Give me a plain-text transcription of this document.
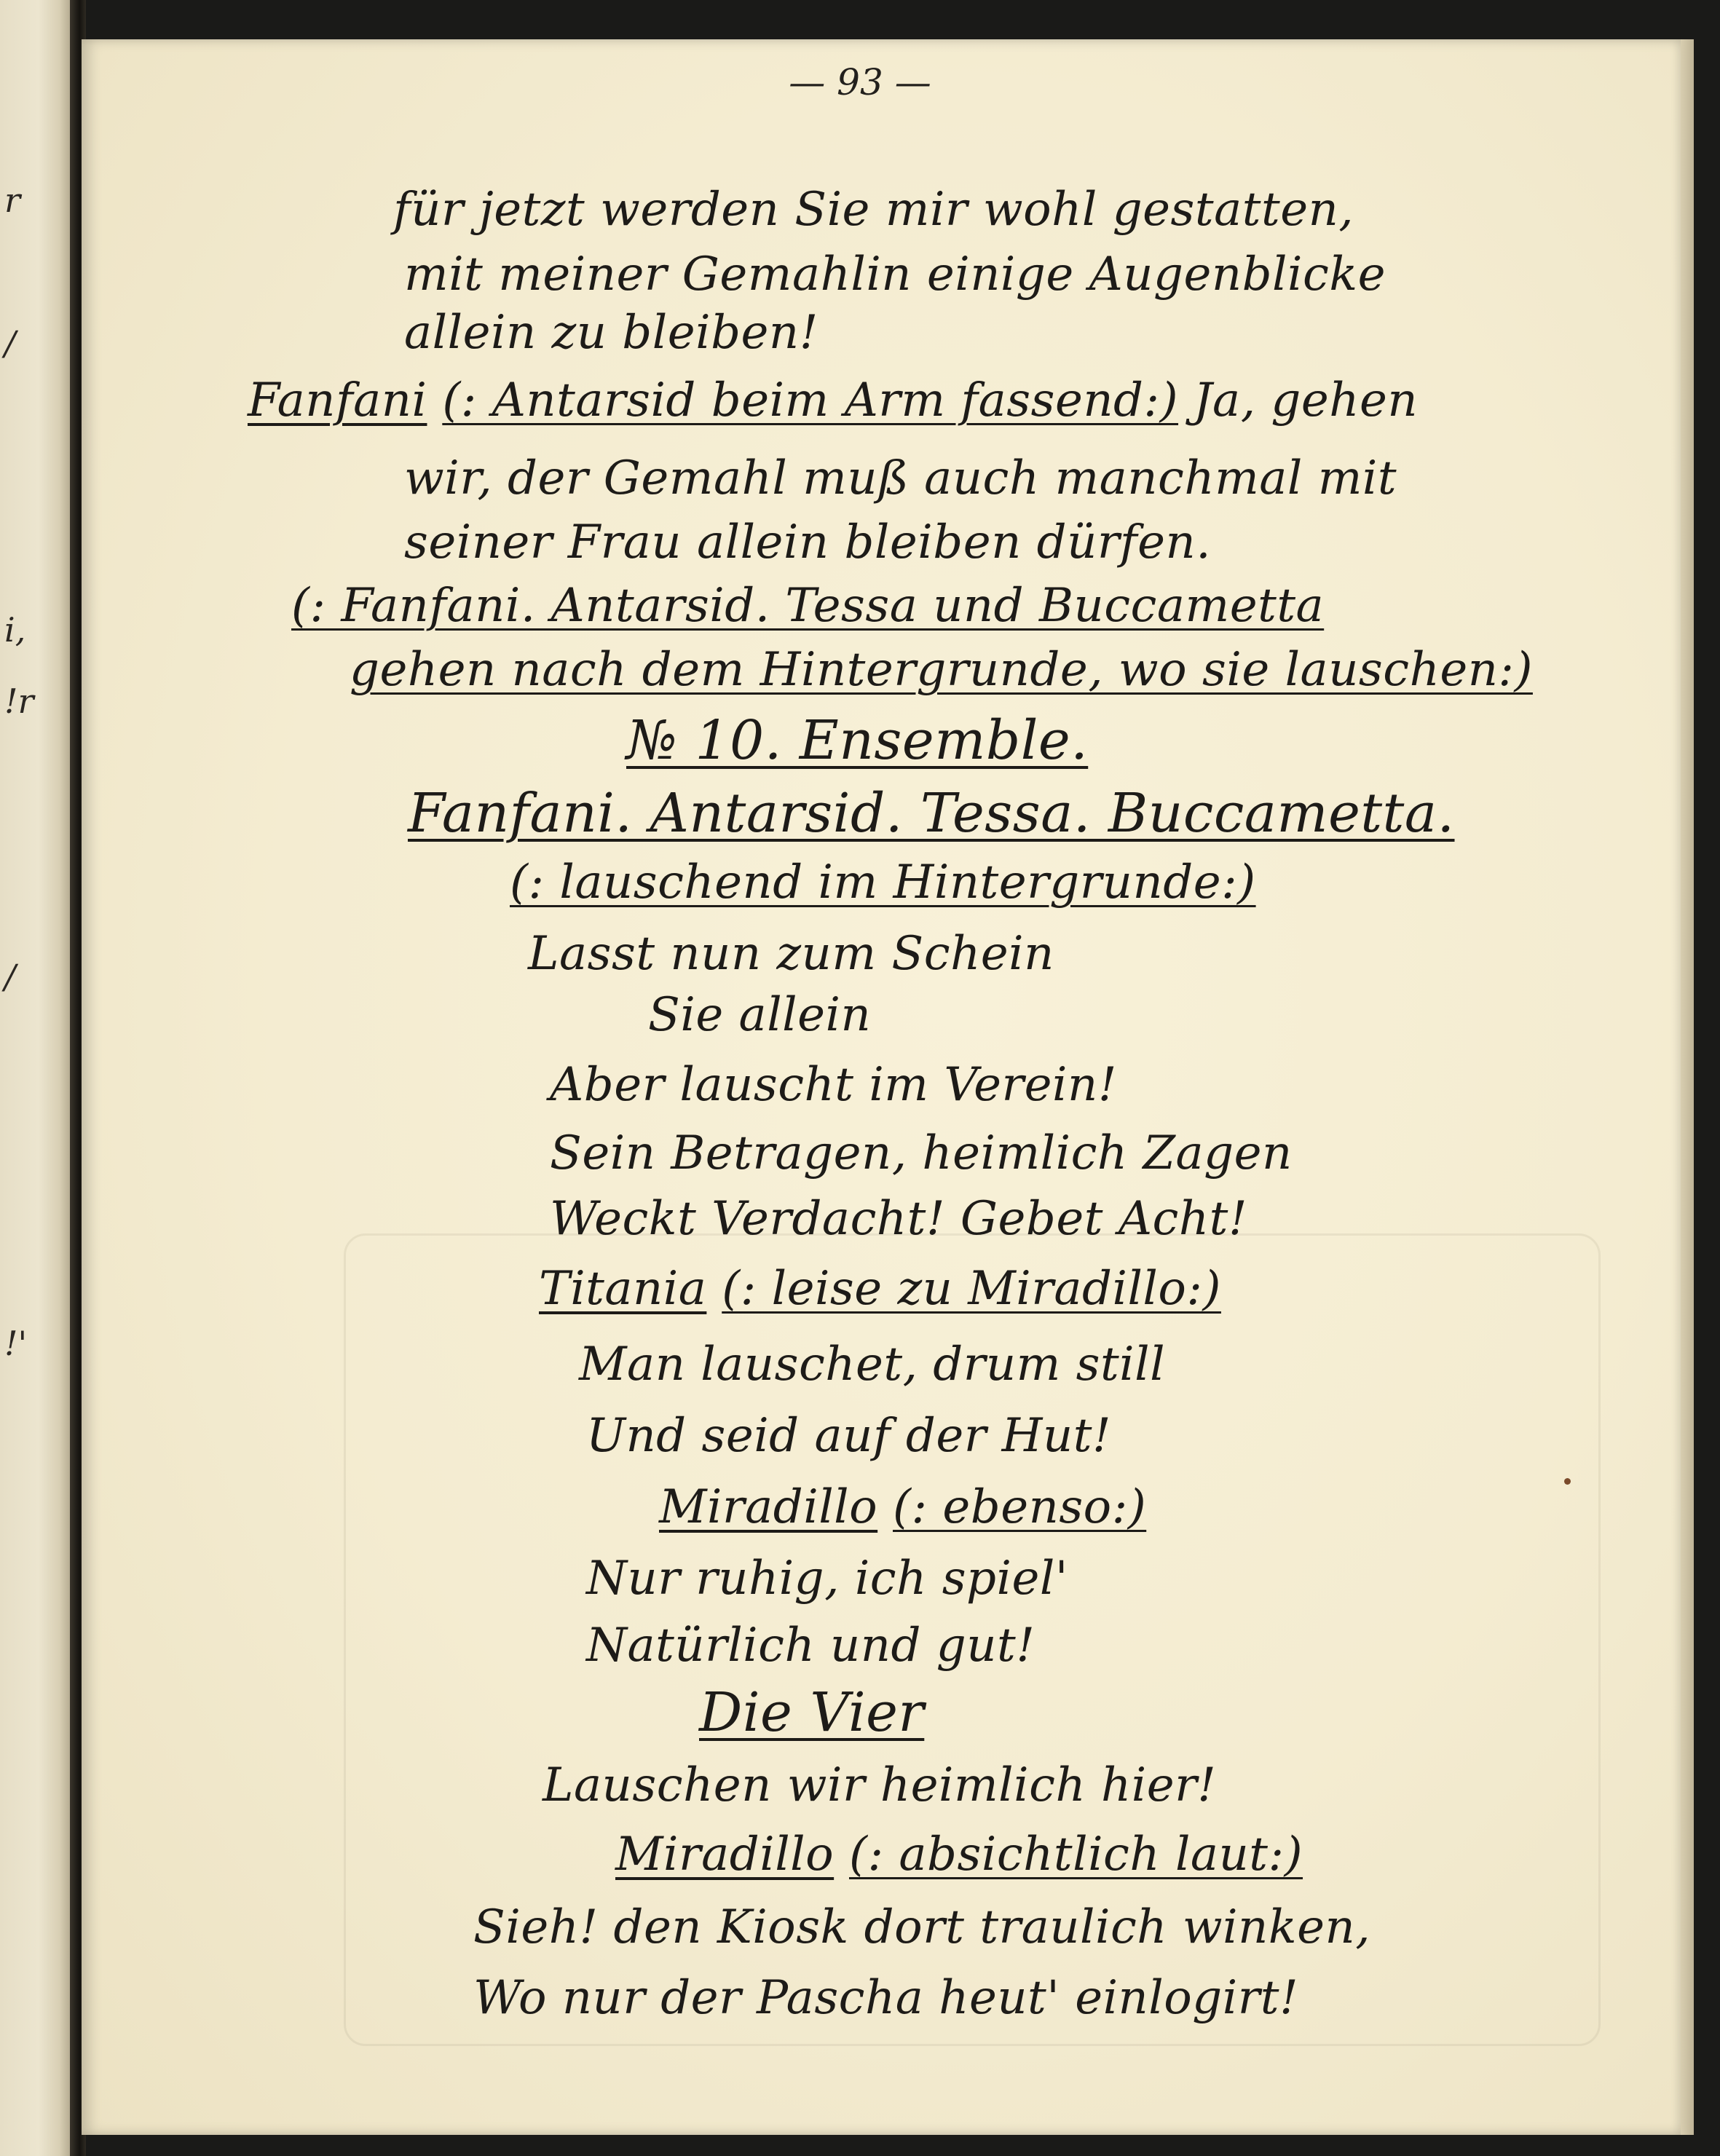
r
/
i,
!r
!'
/
— 93 —
für jetzt werden Sie mir wohl gestatten,
mit meiner Gemahlin einige Augenblicke
allein zu bleiben!
Fanfani (: Antarsid beim Arm fassend:) Ja, gehen
wir, der Gemahl muß auch manchmal mit
seiner Frau allein bleiben dürfen.
(: Fanfani. Antarsid. Tessa und Buccametta
gehen nach dem Hintergrunde, wo sie lauschen:)
№ 10. Ensemble.
Fanfani. Antarsid. Tessa. Buccametta.
(: lauschend im Hintergrunde:)
Lasst nun zum Schein
Sie allein
Aber lauscht im Verein!
Sein Betragen, heimlich Zagen
Weckt Verdacht! Gebet Acht!
Titania (: leise zu Miradillo:)
Man lauschet, drum still
Und seid auf der Hut!
Miradillo (: ebenso:)
Nur ruhig, ich spiel'
Natürlich und gut!
Die Vier
Lauschen wir heimlich hier!
Miradillo (: absichtlich laut:)
Sieh! den Kiosk dort traulich winken,
Wo nur der Pascha heut' einlogirt!
